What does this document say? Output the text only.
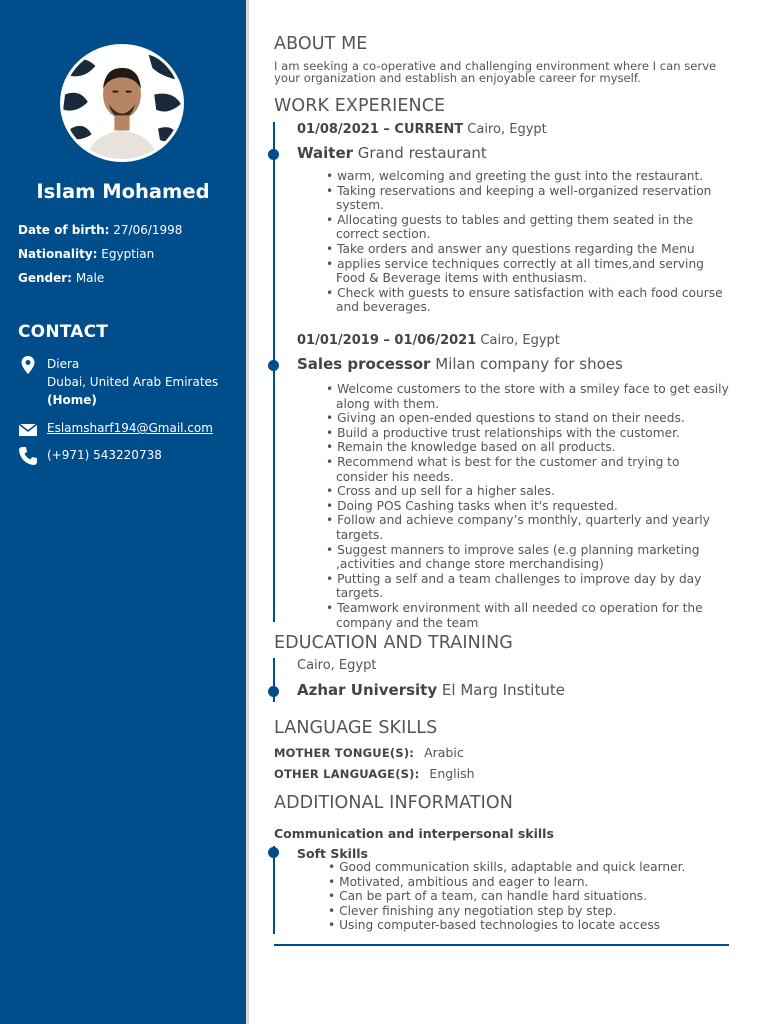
Islam Mohamed
Date of birth: 27/06/1998
Nationality: Egyptian
Gender: Male
CONTACT
Diera
Dubai, United Arab Emirates
(Home)
Eslamsharf194@Gmail.com
(+971) 543220738
ABOUT ME
I am seeking a co-operative and challenging environment where I can serve your organization and establish an enjoyable career for myself.
WORK EXPERIENCE
01/08/2021 – CURRENT Cairo, Egypt
Waiter Grand restaurant
• warm, welcoming and greeting the gust into the restaurant.
• Taking reservations and keeping a well-organized reservation system.
• Allocating guests to tables and getting them seated in the correct section.
• Take orders and answer any questions regarding the Menu
• applies service techniques correctly at all times,and serving Food & Beverage items with enthusiasm.
• Check with guests to ensure satisfaction with each food course and beverages.
01/01/2019 – 01/06/2021 Cairo, Egypt
Sales processor Milan company for shoes
• Welcome customers to the store with a smiley face to get easily along with them.
• Giving an open-ended questions to stand on their needs.
• Build a productive trust relationships with the customer.
• Remain the knowledge based on all products.
• Recommend what is best for the customer and trying to consider his needs.
• Cross and up sell for a higher sales.
• Doing POS Cashing tasks when it's requested.
• Follow and achieve company’s monthly, quarterly and yearly targets.
• Suggest manners to improve sales (e.g planning marketing ,activities and change store merchandising)
• Putting a self and a team challenges to improve day by day targets.
• Teamwork environment with all needed co operation for the company and the team
EDUCATION AND TRAINING
Cairo, Egypt
Azhar University El Marg Institute
LANGUAGE SKILLS
MOTHER TONGUE(S): Arabic
OTHER LANGUAGE(S): English
ADDITIONAL INFORMATION
Communication and interpersonal skills
Soft Skills
• Good communication skills, adaptable and quick learner.
• Motivated, ambitious and eager to learn.
• Can be part of a team, can handle hard situations.
• Clever finishing any negotiation step by step.
• Using computer-based technologies to locate access
